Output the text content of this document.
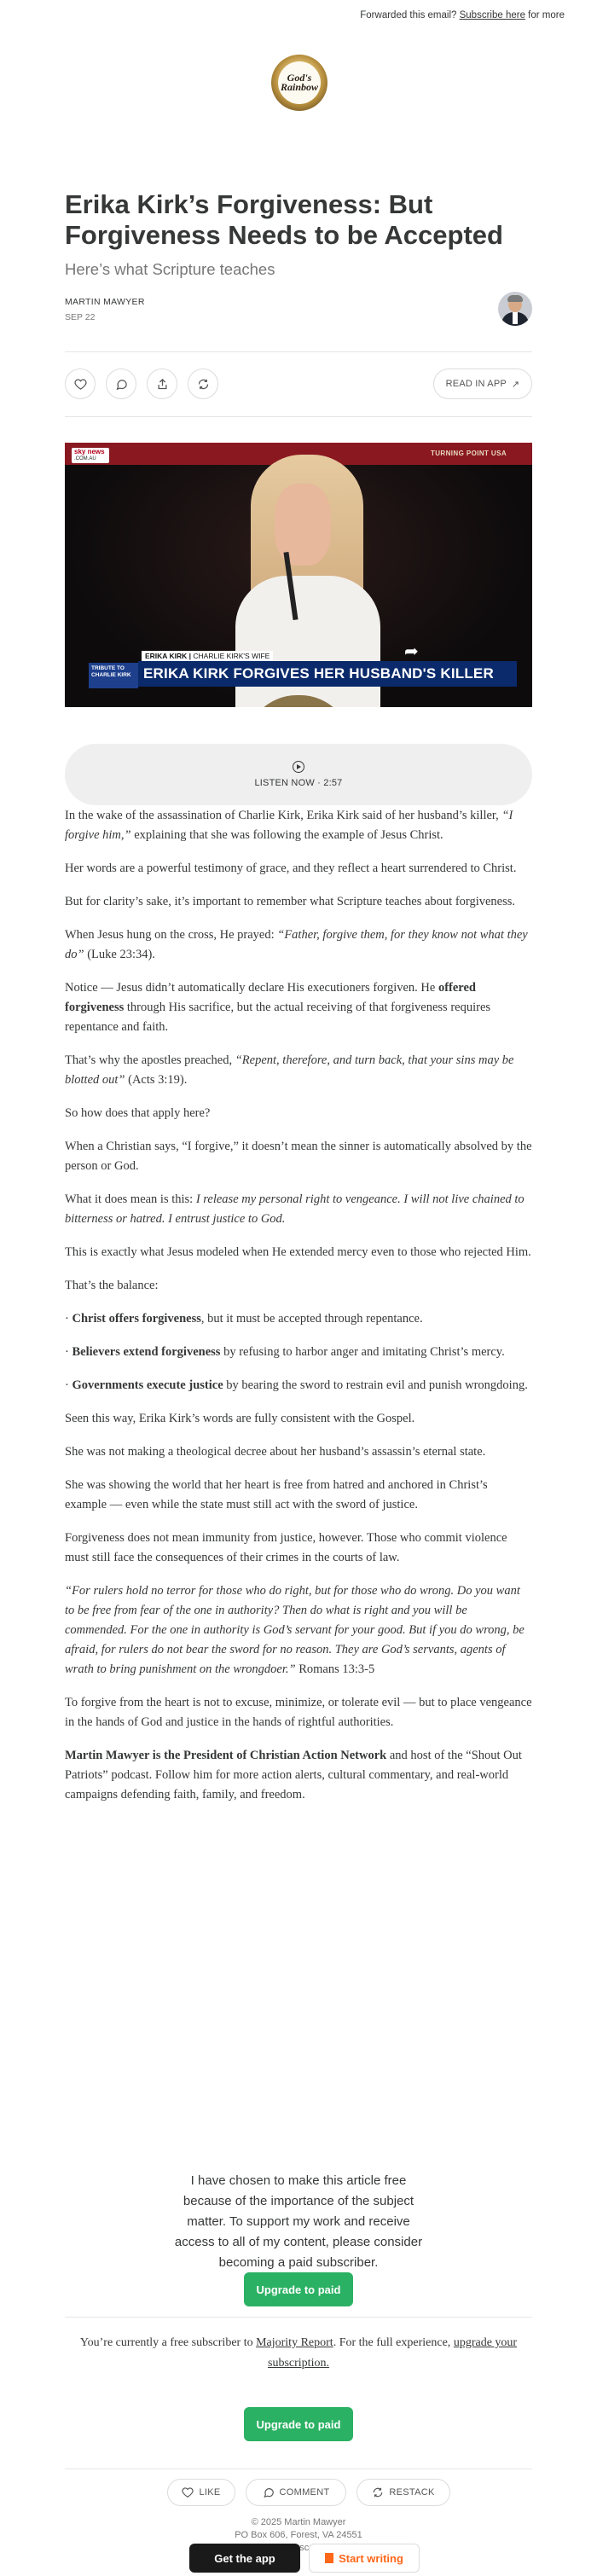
Forwarded this email? Subscribe here for more
God's Rainbow
Erika Kirk’s Forgiveness: But Forgiveness Needs to be Accepted
Here’s what Scripture teaches
MARTIN MAWYER
SEP 22
READ IN APP ↗
sky news
.COM.AU
TURNING POINT USA
ERIKA KIRK | CHARLIE KIRK'S WIFE
TRIBUTE TO CHARLIE KIRK ERIKA KIRK FORGIVES HER HUSBAND'S KILLER
➦
LISTEN NOW · 2:57

In the wake of the assassination of Charlie Kirk, Erika Kirk said of her husband’s killer, “I forgive him,” explaining that she was following the example of Jesus Christ.

Her words are a powerful testimony of grace, and they reflect a heart surrendered to Christ.

But for clarity’s sake, it’s important to remember what Scripture teaches about forgiveness.

When Jesus hung on the cross, He prayed: “Father, forgive them, for they know not what they do” (Luke 23:34).

Notice — Jesus didn’t automatically declare His executioners forgiven. He offered forgiveness through His sacrifice, but the actual receiving of that forgiveness requires repentance and faith.

That’s why the apostles preached, “Repent, therefore, and turn back, that your sins may be blotted out” (Acts 3:19).

So how does that apply here?

When a Christian says, “I forgive,” it doesn’t mean the sinner is automatically absolved by the person or God.

What it does mean is this: I release my personal right to vengeance. I will not live chained to bitterness or hatred. I entrust justice to God.

This is exactly what Jesus modeled when He extended mercy even to those who rejected Him.

That’s the balance:

· Christ offers forgiveness, but it must be accepted through repentance.

· Believers extend forgiveness by refusing to harbor anger and imitating Christ’s mercy.

· Governments execute justice by bearing the sword to restrain evil and punish wrongdoing.

Seen this way, Erika Kirk’s words are fully consistent with the Gospel.

She was not making a theological decree about her husband’s assassin’s eternal state.

She was showing the world that her heart is free from hatred and anchored in Christ’s example — even while the state must still act with the sword of justice.

Forgiveness does not mean immunity from justice, however. Those who commit violence must still face the consequences of their crimes in the courts of law.

“For rulers hold no terror for those who do right, but for those who do wrong. Do you want to be free from fear of the one in authority? Then do what is right and you will be commended. For the one in authority is God’s servant for your good. But if you do wrong, be afraid, for rulers do not bear the sword for no reason. They are God’s servants, agents of wrath to bring punishment on the wrongdoer.” Romans 13:3-5

To forgive from the heart is not to excuse, minimize, or tolerate evil — but to place vengeance in the hands of God and justice in the hands of rightful authorities.

Martin Mawyer is the President of Christian Action Network and host of the “Shout Out Patriots” podcast. Follow him for more action alerts, cultural commentary, and real-world campaigns defending faith, family, and freedom.

I have chosen to make this article free because of the importance of the subject matter. To support my work and receive access to all of my content, please consider becoming a paid subscriber.
Upgrade to paid
You’re currently a free subscriber to Majority Report. For the full experience, upgrade your subscription.
Upgrade to paid
LIKE	COMMENT	RESTACK
© 2025 Martin Mawyer
PO Box 606, Forest, VA 24551
Get the app	Start writing
